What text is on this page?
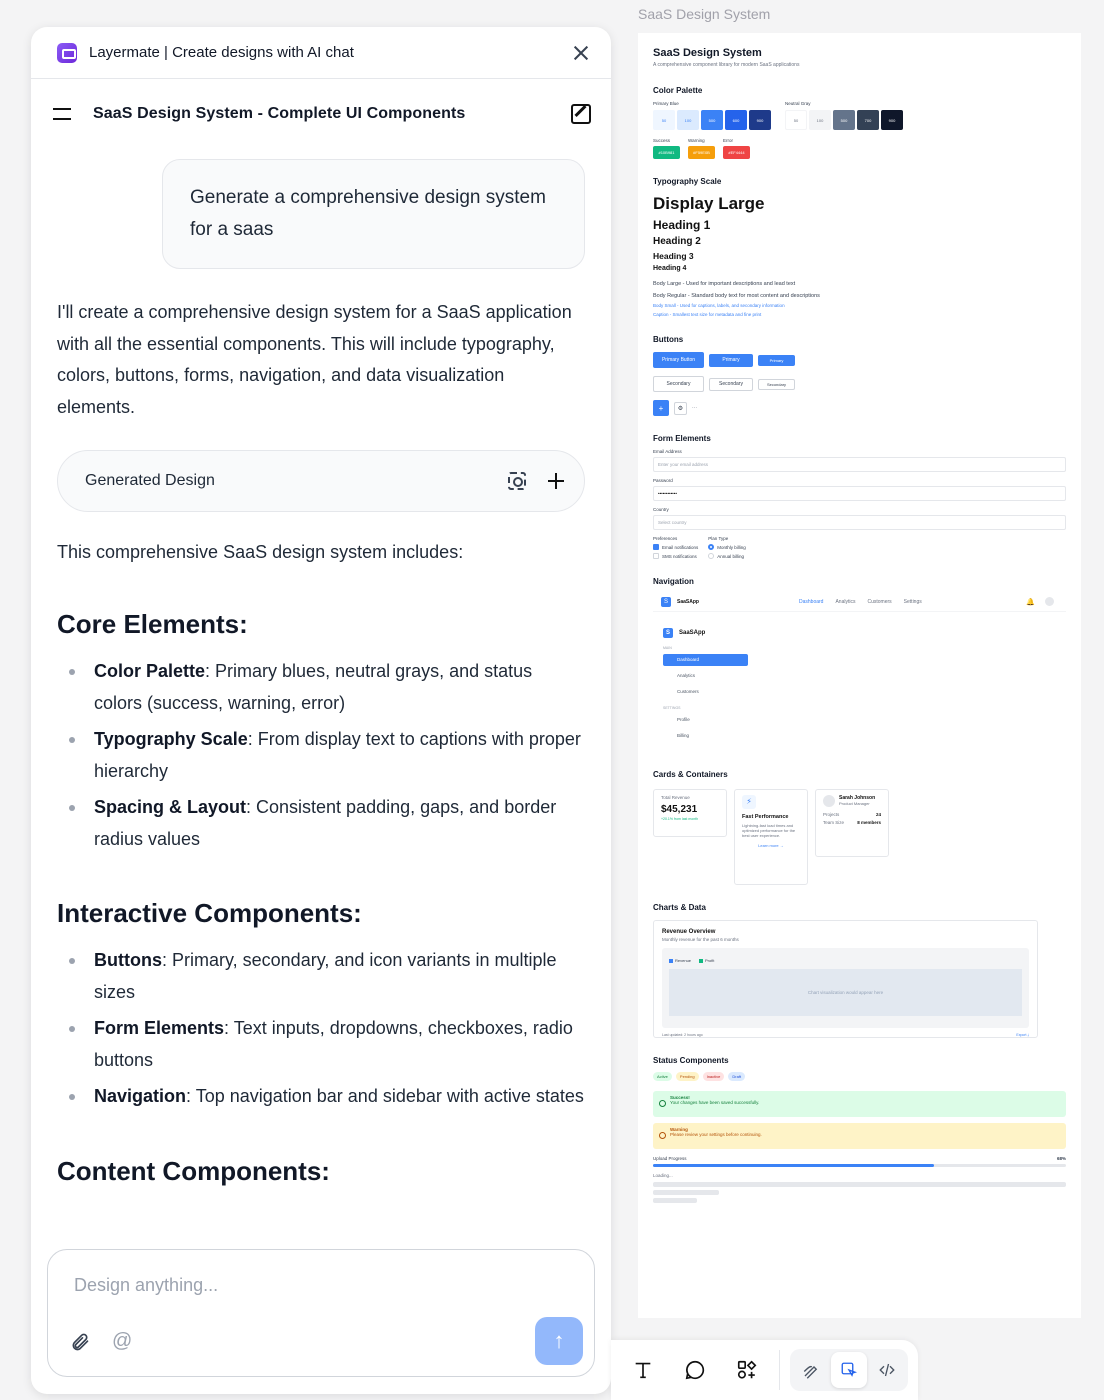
Layermate | Create designs with AI chat
SaaS Design System - Complete UI Components
Generate a comprehensive design system for a saas
I'll create a comprehensive design system for a SaaS application with all the essential components. This will include typography, colors, buttons, forms, navigation, and data visualization elements.
Generated Design
This comprehensive SaaS design system includes:
Core Elements:
Color Palette: Primary blues, neutral grays, and status colors (success, warning, error)
Typography Scale: From display text to captions with proper hierarchy
Spacing & Layout: Consistent padding, gaps, and border radius values
Interactive Components:
Buttons: Primary, secondary, and icon variants in multiple sizes
Form Elements: Text inputs, dropdowns, checkboxes, radio buttons
Navigation: Top navigation bar and sidebar with active states
Content Components:
Design anything...
@	↑
SaaS Design System
SaaS Design System
A comprehensive component library for modern SaaS applications
Color Palette
Primary Blue
50	100	500	600	900
Neutral Gray
50	100	500	700	900
Success
#10B981
Warning
#F59E0B
Error
#EF4444
Typography Scale
Display Large
Heading 1
Heading 2
Heading 3
Heading 4
Body Large - Used for important descriptions and lead text
Body Regular - Standard body text for most content and descriptions
Body Small - Used for captions, labels, and secondary information
Caption - Smallest text size for metadata and fine print
Buttons
Primary Button	Primary	Primary
Secondary	Secondary	Secondary
+	⚙	···
Form Elements
Email Address
Enter your email address
Password
••••••••••••
Country
Select country
Preferences
Email notifications
SMS notifications
Plan Type
Monthly billing
Annual billing
Navigation
S	SaaSApp	Dashboard Analytics Customers Settings	🔔
S	SaaSApp
MAIN
Dashboard
Analytics
Customers
SETTINGS
Profile
Billing
Cards & Containers
Total Revenue
$45,231
+20.1% from last month
⚡
Fast Performance
Lightning-fast load times and optimized performance for the best user experience.
Learn more →
Sarah Johnson
Product Manager
Projects	24
Team Size	8 members
Charts & Data
Revenue Overview
Monthly revenue for the past 6 months
Revenue	Profit
Chart visualization would appear here
Last updated: 2 hours ago	Export ⤓
Status Components
Active	Pending	Inactive	Draft
Success!
Your changes have been saved successfully.
Warning
Please review your settings before continuing.
Upload Progress	68%
Loading...
